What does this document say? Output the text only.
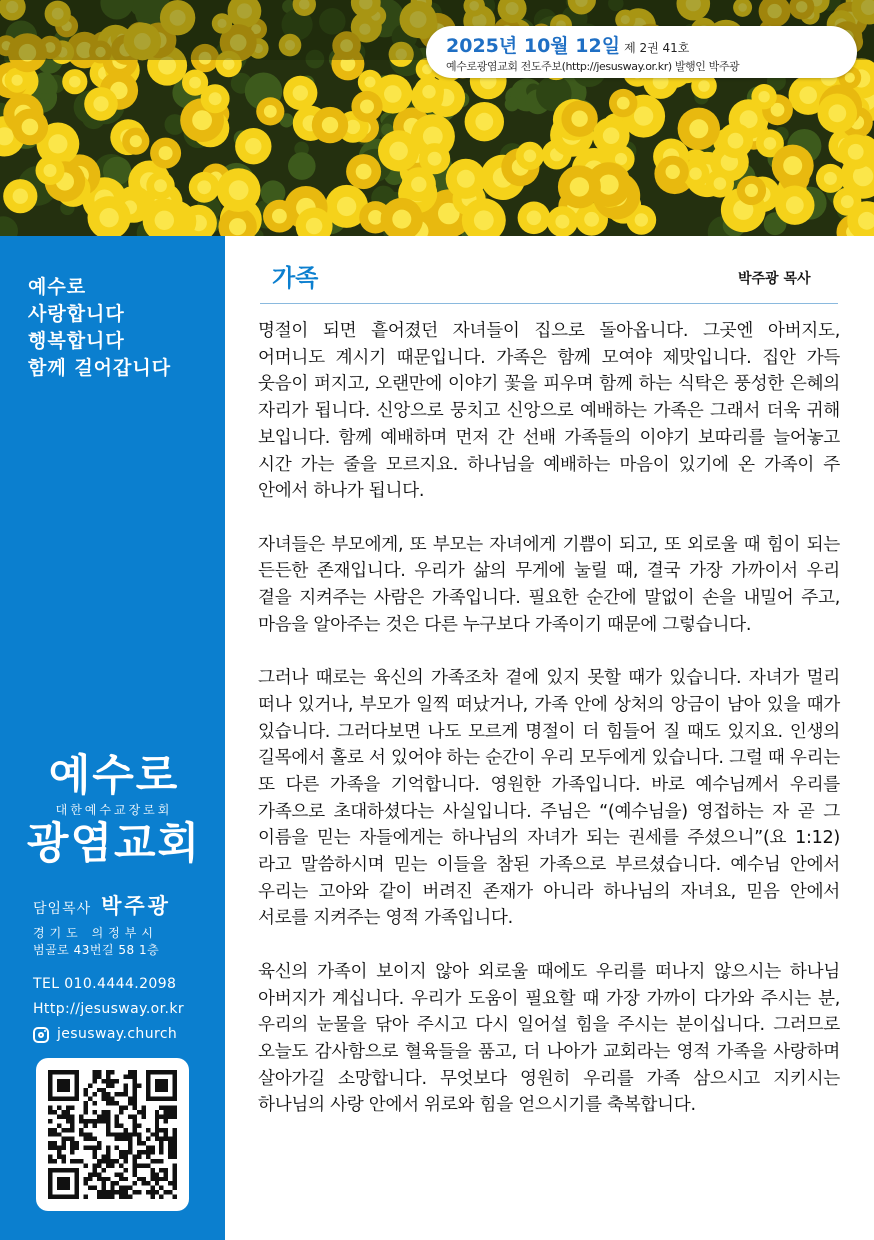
2025년 10월 12일 제 2권 41호
예수로광염교회 전도주보(http://jesusway.or.kr) 발행인 박주광
예수로
사랑합니다
행복합니다
함께 걸어갑니다
예수로
대한예수교장로회
광염교회
담임목사 박주광
경기도 의정부시
범골로 43번길 58 1층
TEL 010.4444.2098
Http://jesusway.or.kr
jesusway.church
가족	박주광 목사

명절이 되면 흩어졌던 자녀들이 집으로 돌아옵니다. 그곳엔 아버지도, 어머니도 계시기 때문입니다. 가족은 함께 모여야 제맛입니다. 집안 가득 웃음이 퍼지고, 오랜만에 이야기 꽃을 피우며 함께 하는 식탁은 풍성한 은혜의 자리가 됩니다. 신앙으로 뭉치고 신앙으로 예배하는 가족은 그래서 더욱 귀해 보입니다. 함께 예배하며 먼저 간 선배 가족들의 이야기 보따리를 늘어놓고 시간 가는 줄을 모르지요. 하나님을 예배하는 마음이 있기에 온 가족이 주 안에서 하나가 됩니다.

자녀들은 부모에게, 또 부모는 자녀에게 기쁨이 되고, 또 외로울 때 힘이 되는 든든한 존재입니다. 우리가 삶의 무게에 눌릴 때, 결국 가장 가까이서 우리 곁을 지켜주는 사람은 가족입니다. 필요한 순간에 말없이 손을 내밀어 주고, 마음을 알아주는 것은 다른 누구보다 가족이기 때문에 그렇습니다.

그러나 때로는 육신의 가족조차 곁에 있지 못할 때가 있습니다. 자녀가 멀리 떠나 있거나, 부모가 일찍 떠났거나, 가족 안에 상처의 앙금이 남아 있을 때가 있습니다. 그러다보면 나도 모르게 명절이 더 힘들어 질 때도 있지요. 인생의 길목에서 홀로 서 있어야 하는 순간이 우리 모두에게 있습니다. 그럴 때 우리는 또 다른 가족을 기억합니다. 영원한 가족입니다. 바로 예수님께서 우리를 가족으로 초대하셨다는 사실입니다. 주님은 “(예수님을) 영접하는 자 곧 그 이름을 믿는 자들에게는 하나님의 자녀가 되는 권세를 주셨으니”(요 1:12)라고 말씀하시며 믿는 이들을 참된 가족으로 부르셨습니다. 예수님 안에서 우리는 고아와 같이 버려진 존재가 아니라 하나님의 자녀요, 믿음 안에서 서로를 지켜주는 영적 가족입니다.

육신의 가족이 보이지 않아 외로울 때에도 우리를 떠나지 않으시는 하나님 아버지가 계십니다. 우리가 도움이 필요할 때 가장 가까이 다가와 주시는 분, 우리의 눈물을 닦아 주시고 다시 일어설 힘을 주시는 분이십니다. 그러므로 오늘도 감사함으로 혈육들을 품고, 더 나아가 교회라는 영적 가족을 사랑하며 살아가길 소망합니다. 무엇보다 영원히 우리를 가족 삼으시고 지키시는 하나님의 사랑 안에서 위로와 힘을 얻으시기를 축복합니다.
